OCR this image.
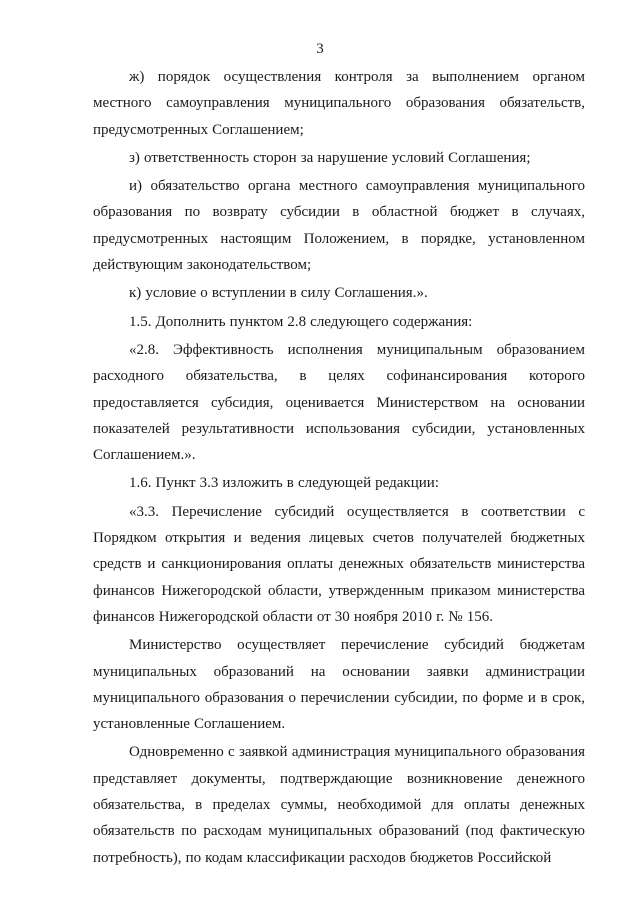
3

ж) порядок осуществления контроля за выполнением органом местного самоуправления муниципального образования обязательств, предусмотренных Соглашением;

з) ответственность сторон за нарушение условий Соглашения;

и) обязательство органа местного самоуправления муниципального образования по возврату субсидии в областной бюджет в случаях, предусмотренных настоящим Положением, в порядке, установленном действующим законодательством;

к) условие о вступлении в силу Соглашения.».

1.5. Дополнить пунктом 2.8 следующего содержания:

«2.8. Эффективность исполнения муниципальным образованием расходного обязательства, в целях софинансирования которого предоставляется субсидия, оценивается Министерством на основании показателей результативности использования субсидии, установленных Соглашением.».

1.6. Пункт 3.3 изложить в следующей редакции:

«3.3. Перечисление субсидий осуществляется в соответствии с Порядком открытия и ведения лицевых счетов получателей бюджетных средств и санкционирования оплаты денежных обязательств министерства финансов Нижегородской области, утвержденным приказом министерства финансов Нижегородской области от 30 ноября 2010 г. № 156.

Министерство осуществляет перечисление субсидий бюджетам муниципальных образований на основании заявки администрации муниципального образования о перечислении субсидии, по форме и в срок, установленные Соглашением.

Одновременно с заявкой администрация муниципального образования представляет документы, подтверждающие возникновение денежного обязательства, в пределах суммы, необходимой для оплаты денежных обязательств по расходам муниципальных образований (под фактическую потребность), по кодам классификации расходов бюджетов Российской
